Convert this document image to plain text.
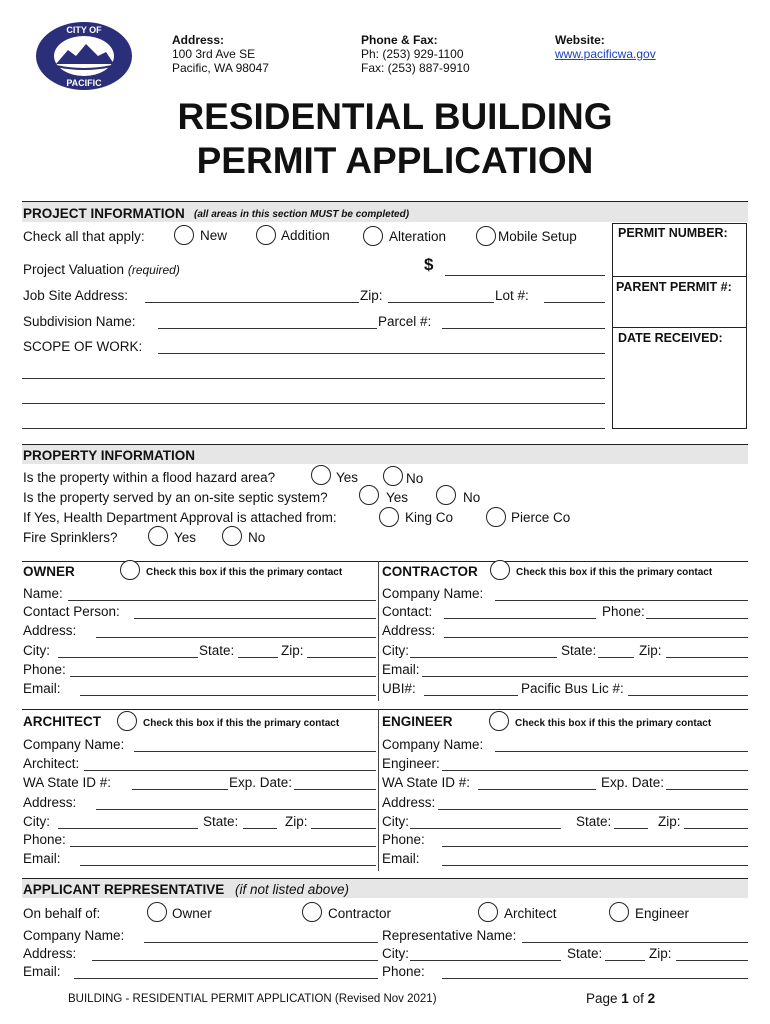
CITY OF
PACIFIC
Address:
100 3rd Ave SE
Pacific, WA 98047
Phone & Fax:
Ph: (253) 929-1100
Fax: (253) 887-9910
Website:
www.pacificwa.gov
RESIDENTIAL BUILDING
PERMIT APPLICATION
PROJECT INFORMATION (all areas in this section MUST be completed)
Check all that apply:	New	Addition	Alteration	Mobile Setup
Project Valuation (required)	$
Job Site Address:	Zip:	Lot #:
Subdivision Name:	Parcel #:
SCOPE OF WORK:
PERMIT NUMBER:
PARENT PERMIT #:
DATE RECEIVED:
PROPERTY INFORMATION
Is the property within a flood hazard area?	Yes	No
Is the property served by an on-site septic system?	Yes	No
If Yes, Health Department Approval is attached from:	King Co	Pierce Co
Fire Sprinklers?	Yes	No
OWNER	Check this box if this the primary contact
Name:
Contact Person:
Address:
City:	State:	Zip:
Phone:
Email:
CONTRACTOR	Check this box if this the primary contact
Company Name:
Contact:	Phone:
Address:
City:	State:	Zip:
Email:
UBI#:	Pacific Bus Lic #:
ARCHITECT	Check this box if this the primary contact
Company Name:
Architect:
WA State ID #:	Exp. Date:
Address:
City:	State:	Zip:
Phone:
Email:
ENGINEER	Check this box if this the primary contact
Company Name:
Engineer:
WA State ID #:	Exp. Date:
Address:
City:	State:	Zip:
Phone:
Email:
APPLICANT REPRESENTATIVE (if not listed above)
On behalf of:	Owner	Contractor	Architect	Engineer
Company Name:
Address:
Email:
Representative Name:
City:	State:	Zip:
Phone:
BUILDING - RESIDENTIAL PERMIT APPLICATION (Revised Nov 2021)	Page 1 of 2
